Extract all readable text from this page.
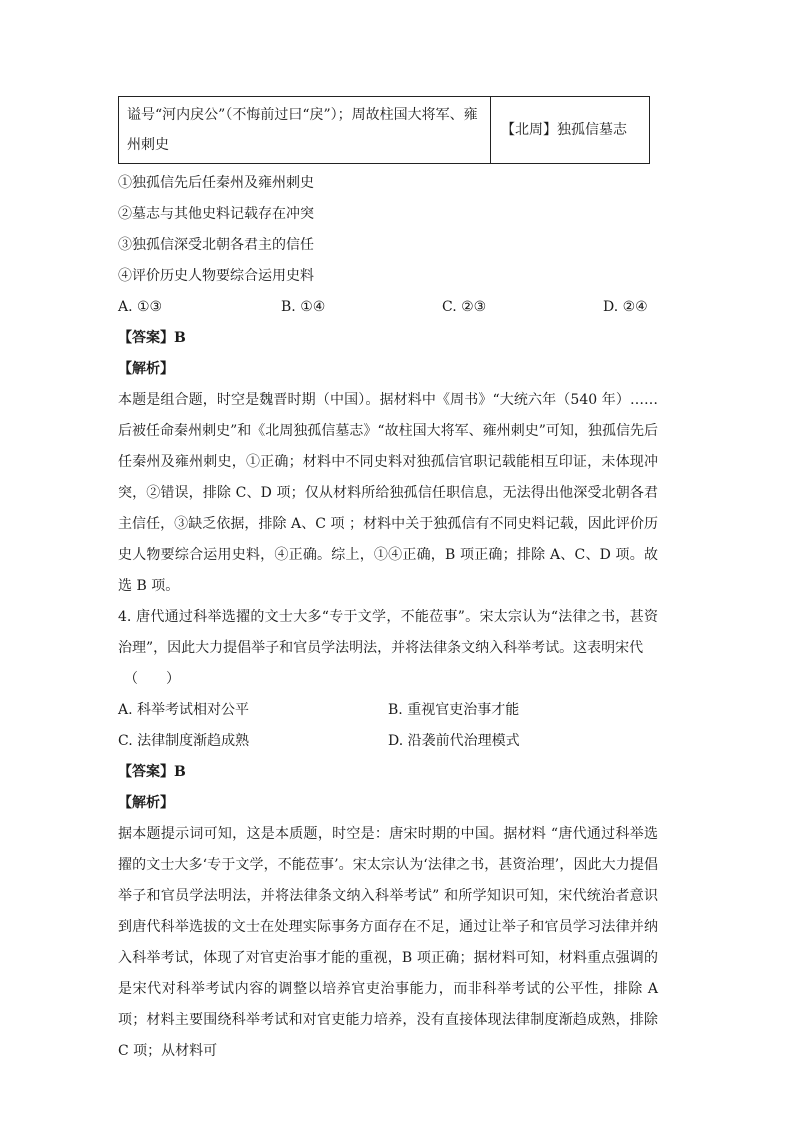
谥号“河内戾公”（不悔前过曰“戾”）；周故柱国大将军、雍州刺史	【北周】独孤信墓志
①独孤信先后任秦州及雍州刺史
②墓志与其他史料记载存在冲突
③独孤信深受北朝各君主的信任
④评价历史人物要综合运用史料
A. ①③	B. ①④	C. ②③	D. ②④
【答案】B
【解析】

本题是组合题，时空是魏晋时期（中国）。据材料中《周书》“大统六年（540 年）…… 后被任命秦州刺史”和《北周独孤信墓志》“故柱国大将军、雍州刺史”可知，独孤信先后任秦州及雍州刺史，①正确；材料中不同史料对独孤信官职记载能相互印证，未体现冲突，②错误，排除 C、D 项；仅从材料所给独孤信任职信息，无法得出他深受北朝各君主信任，③缺乏依据，排除 A、C 项 ；材料中关于独孤信有不同史料记载，因此评价历史人物要综合运用史料，④正确。综上，①④正确，B 项正确；排除 A、C、D 项。故选 B 项。

4. 唐代通过科举选擢的文士大多“专于文学，不能莅事”。宋太宗认为“法律之书，甚资治理”，因此大力提倡举子和官员学法明法，并将法律条文纳入科举考试。这表明宋代

（　　）
A. 科举考试相对公平	B. 重视官吏治事才能
C. 法律制度渐趋成熟	D. 沿袭前代治理模式
【答案】B
【解析】

据本题提示词可知，这是本质题，时空是：唐宋时期的中国。据材料 “唐代通过科举选擢的文士大多‘专于文学，不能莅事’。宋太宗认为‘法律之书，甚资治理’，因此大力提倡举子和官员学法明法，并将法律条文纳入科举考试” 和所学知识可知，宋代统治者意识到唐代科举选拔的文士在处理实际事务方面存在不足，通过让举子和官员学习法律并纳入科举考试，体现了对官吏治事才能的重视，B 项正确；据材料可知，材料重点强调的是宋代对科举考试内容的调整以培养官吏治事能力，而非科举考试的公平性，排除 A 项；材料主要围绕科举考试和对官吏能力培养，没有直接体现法律制度渐趋成熟，排除 C 项；从材料可
